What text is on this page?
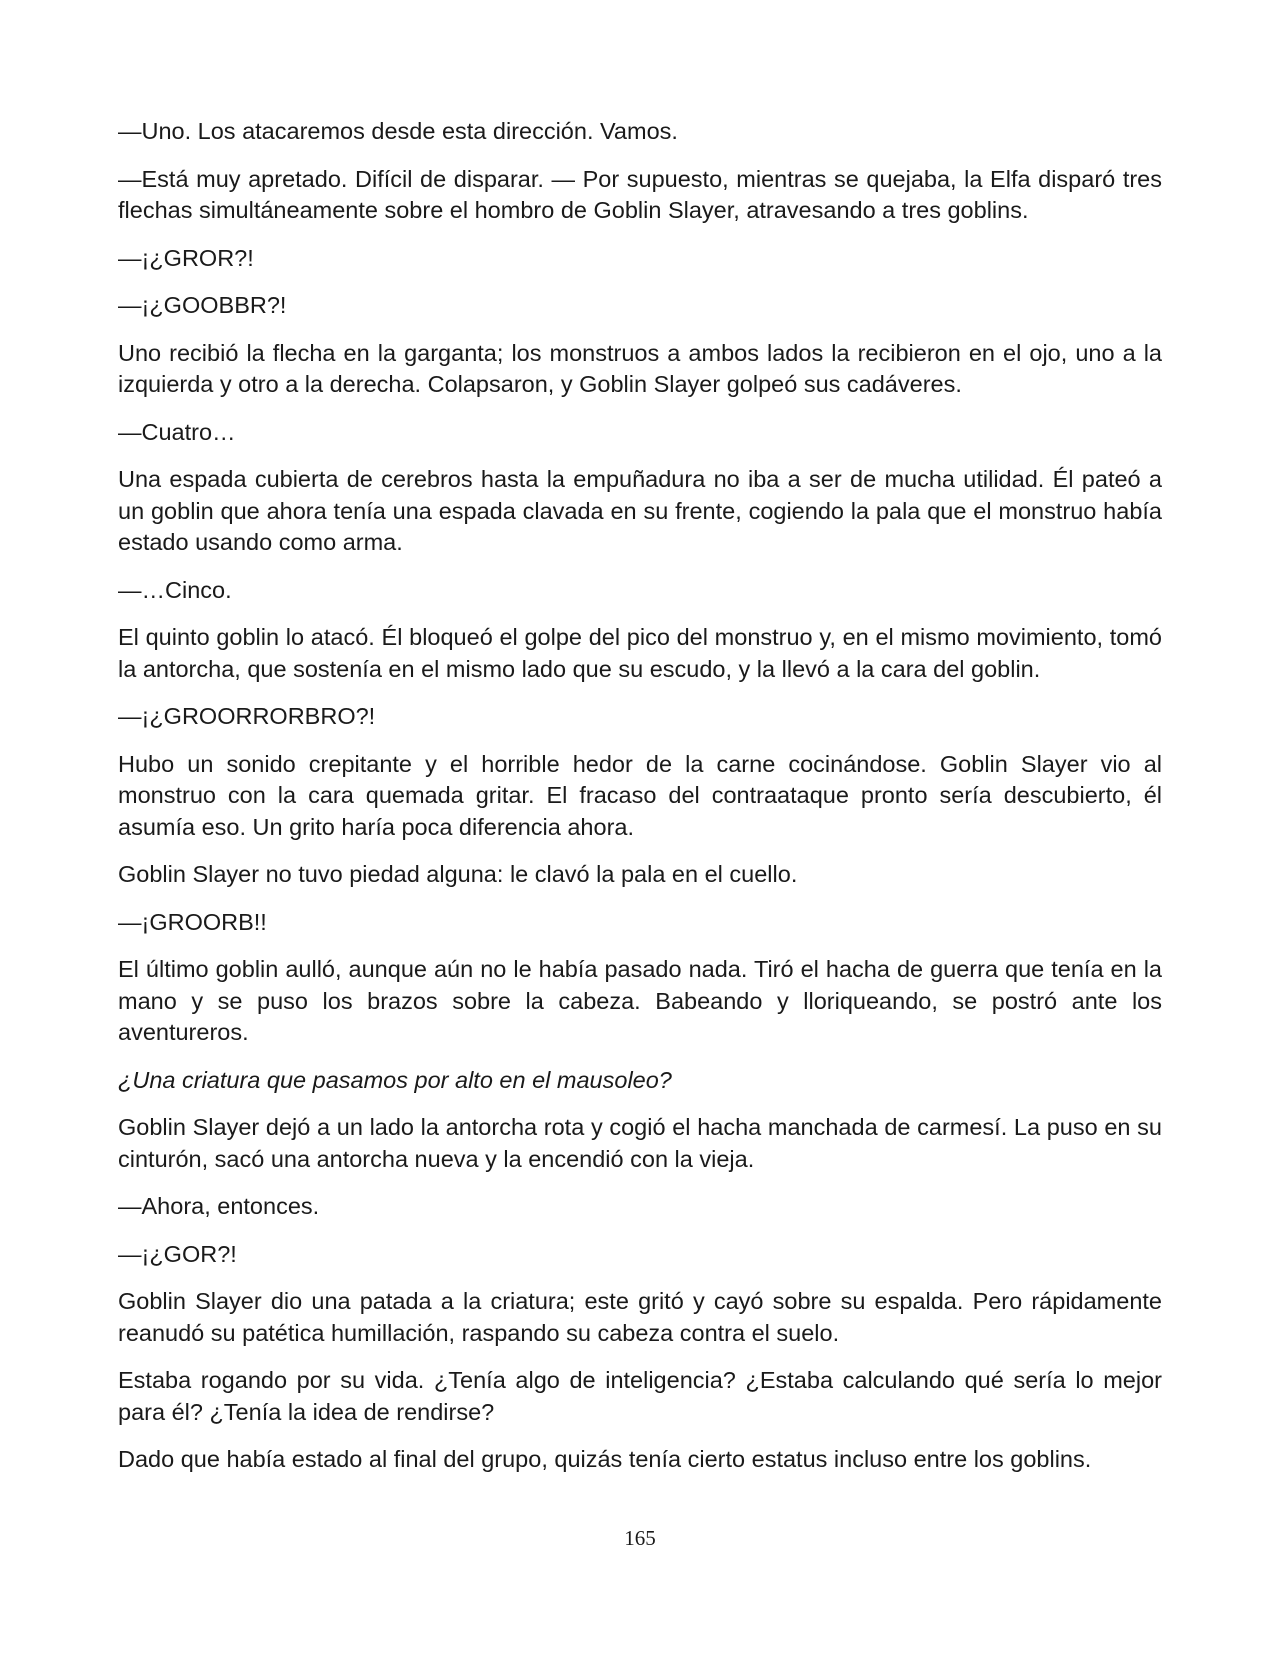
—Uno. Los atacaremos desde esta dirección. Vamos.

—Está muy apretado. Difícil de disparar. — Por supuesto, mientras se quejaba, la Elfa disparó tres flechas simultáneamente sobre el hombro de Goblin Slayer, atravesando a tres goblins.

—¡¿GROR?!

—¡¿GOOBBR?!

Uno recibió la flecha en la garganta; los monstruos a ambos lados la recibieron en el ojo, uno a la izquierda y otro a la derecha. Colapsaron, y Goblin Slayer golpeó sus cadáveres.

—Cuatro…

Una espada cubierta de cerebros hasta la empuñadura no iba a ser de mucha utilidad. Él pateó a un goblin que ahora tenía una espada clavada en su frente, cogiendo la pala que el monstruo había estado usando como arma.

—…Cinco.

El quinto goblin lo atacó. Él bloqueó el golpe del pico del monstruo y, en el mismo movimiento, tomó la antorcha, que sostenía en el mismo lado que su escudo, y la llevó a la cara del goblin.

—¡¿GROORRORBRO?!

Hubo un sonido crepitante y el horrible hedor de la carne cocinándose. Goblin Slayer vio al monstruo con la cara quemada gritar. El fracaso del contraataque pronto sería descubierto, él asumía eso. Un grito haría poca diferencia ahora.

Goblin Slayer no tuvo piedad alguna: le clavó la pala en el cuello.

—¡GROORB!!

El último goblin aulló, aunque aún no le había pasado nada. Tiró el hacha de guerra que tenía en la mano y se puso los brazos sobre la cabeza. Babeando y lloriqueando, se postró ante los aventureros.

¿Una criatura que pasamos por alto en el mausoleo?

Goblin Slayer dejó a un lado la antorcha rota y cogió el hacha manchada de carmesí. La puso en su cinturón, sacó una antorcha nueva y la encendió con la vieja.

—Ahora, entonces.

—¡¿GOR?!

Goblin Slayer dio una patada a la criatura; este gritó y cayó sobre su espalda. Pero rápidamente reanudó su patética humillación, raspando su cabeza contra el suelo.

Estaba rogando por su vida. ¿Tenía algo de inteligencia? ¿Estaba calculando qué sería lo mejor para él? ¿Tenía la idea de rendirse?

Dado que había estado al final del grupo, quizás tenía cierto estatus incluso entre los goblins.

165
